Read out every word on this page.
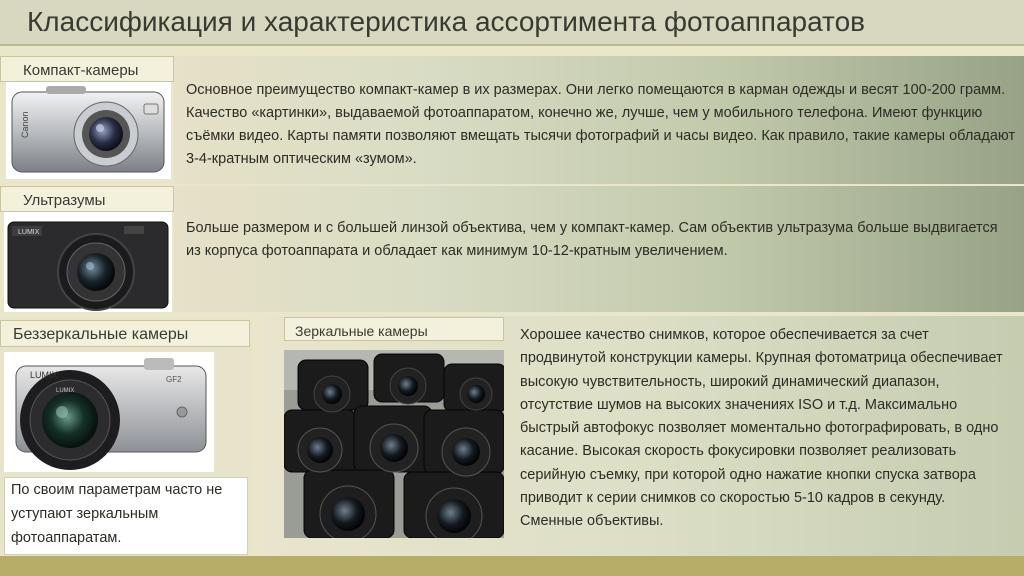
Классификация и характеристика ассортимента фотоаппаратов
Компакт-камеры
Canon
Основное преимущество компакт-камер в их размерах. Они легко помещаются в карман одежды и весят 100-200 грамм. Качество «картинки», выдаваемой фотоаппаратом, конечно же, лучше, чем у мобильного телефона. Имеют функцию съёмки видео. Карты памяти позволяют вмещать тысячи фотографий и часы видео. Как правило, такие камеры обладают 3-4-кратным оптическим «зумом».
Ультразумы
LUMIX	Больше размером и с большей линзой объектива, чем у компакт-камер. Сам объектив ультразума больше выдвигается из корпуса фотоаппарата и обладает как минимум 10-12-кратным увеличением.
Беззеркальные камеры
LUMIX
LUMIX
GF2
По своим параметрам часто не уступают зеркальным фотоаппаратам.
Зеркальные камеры	Хорошее качество снимков, которое обеспечивается за счет продвинутой конструкции камеры. Крупная фотоматрица обеспечивает высокую чувствительность, широкий динамический диапазон, отсутствие шумов на высоких значениях ISO и т.д. Максимально быстрый автофокус позволяет моментально фотографировать, в одно касание. Высокая скорость фокусировки позволяет реализовать серийную съемку, при которой одно нажатие кнопки спуска затвора приводит к серии снимков со скоростью 5-10 кадров в секунду. Сменные объективы.
